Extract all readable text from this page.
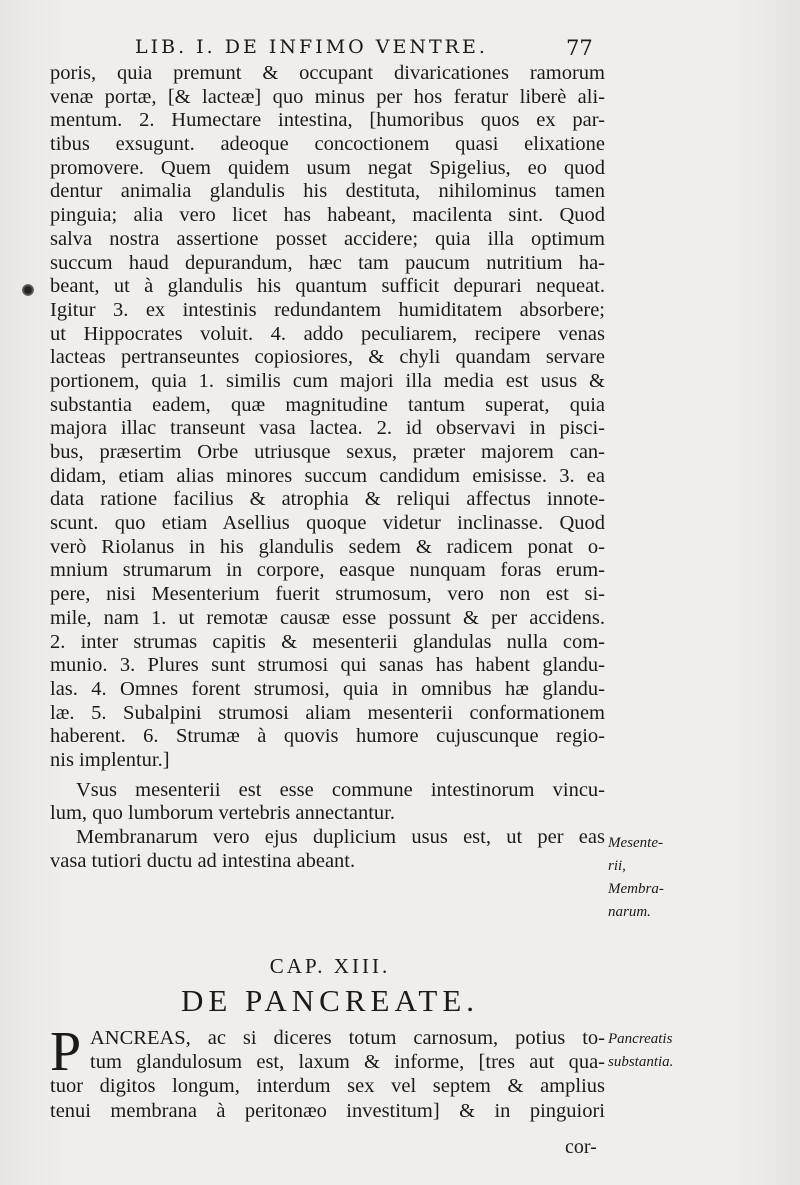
LIB. I. DE INFIMO VENTRE.	77
poris, quia premunt & occupant divaricationes ramorum
venæ portæ, [& lacteæ] quo minus per hos feratur liberè ali-
mentum. 2. Humectare intestina, [humoribus quos ex par-
tibus exsugunt. adeoque concoctionem quasi elixatione
promovere. Quem quidem usum negat Spigelius, eo quod
dentur animalia glandulis his destituta, nihilominus tamen
pinguia; alia vero licet has habeant, macilenta sint. Quod
salva nostra assertione posset accidere; quia illa optimum
succum haud depurandum, hæc tam paucum nutritium ha-
beant, ut à glandulis his quantum sufficit depurari nequeat.
Igitur 3. ex intestinis redundantem humiditatem absorbere;
ut Hippocrates voluit. 4. addo peculiarem, recipere venas
lacteas pertranseuntes copiosiores, & chyli quandam servare
portionem, quia 1. similis cum majori illa media est usus &
substantia eadem, quæ magnitudine tantum superat, quia
majora illac transeunt vasa lactea. 2. id observavi in pisci-
bus, præsertim Orbe utriusque sexus, præter majorem can-
didam, etiam alias minores succum candidum emisisse. 3. ea
data ratione facilius & atrophia & reliqui affectus innote-
scunt. quo etiam Asellius quoque videtur inclinasse. Quod
verò Riolanus in his glandulis sedem & radicem ponat o-
mnium strumarum in corpore, easque nunquam foras erum-
pere, nisi Mesenterium fuerit strumosum, vero non est si-
mile, nam 1. ut remotæ causæ esse possunt & per accidens.
2. inter strumas capitis & mesenterii glandulas nulla com-
munio. 3. Plures sunt strumosi qui sanas has habent glandu-
las. 4. Omnes forent strumosi, quia in omnibus hæ glandu-
læ. 5. Subalpini strumosi aliam mesenterii conformationem
haberent. 6. Strumæ à quovis humore cujuscunque regio-
nis implentur.]
Vsus mesenterii est esse commune intestinorum vincu-
lum, quo lumborum vertebris annectantur.
Membranarum vero ejus duplicium usus est, ut per eas
vasa tutiori ductu ad intestina abeant.
Mesente-
rii,
Membra-
narum.
CAP. XIII.
DE PANCREATE.
P ANCREAS, ac si diceres totum carnosum, potius to-
tum glandulosum est, laxum & informe, [tres aut qua-
tuor digitos longum, interdum sex vel septem & amplius
tenui membrana à peritonæo investitum] & in pinguiori
Pancreatis
substantia.
cor-
